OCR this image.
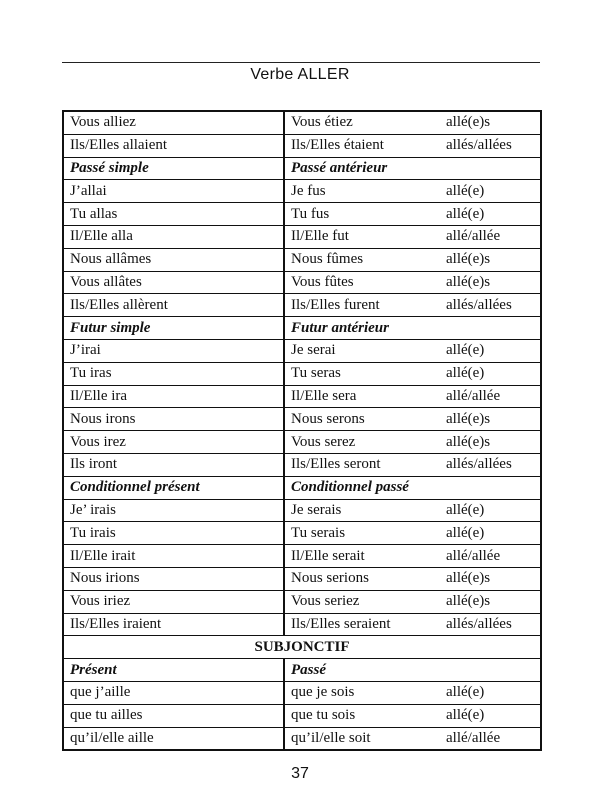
Verbe ALLER
Vous alliez	Vous étiez allé(e)s
Ils/Elles allaient	Ils/Elles étaient allés/allées
Passé simple	Passé antérieur
J’allai	Je fus allé(e)
Tu allas	Tu fus allé(e)
Il/Elle alla	Il/Elle fut allé/allée
Nous allâmes	Nous fûmes allé(e)s
Vous allâtes	Vous fûtes allé(e)s
Ils/Elles allèrent	Ils/Elles furent allés/allées
Futur simple	Futur antérieur
J’irai	Je serai allé(e)
Tu iras	Tu seras allé(e)
Il/Elle ira	Il/Elle sera allé/allée
Nous irons	Nous serons allé(e)s
Vous irez	Vous serez allé(e)s
Ils iront	Ils/Elles seront allés/allées
Conditionnel présent	Conditionnel passé
Je’ irais	Je serais allé(e)
Tu irais	Tu serais allé(e)
Il/Elle irait	Il/Elle serait allé/allée
Nous irions	Nous serions allé(e)s
Vous iriez	Vous seriez allé(e)s
Ils/Elles iraient	Ils/Elles seraient allés/allées
SUBJONCTIF	
Présent	Passé
que j’aille	que je sois allé(e)
que tu ailles	que tu sois allé(e)
qu’il/elle aille	qu’il/elle soit allé/allée
37
